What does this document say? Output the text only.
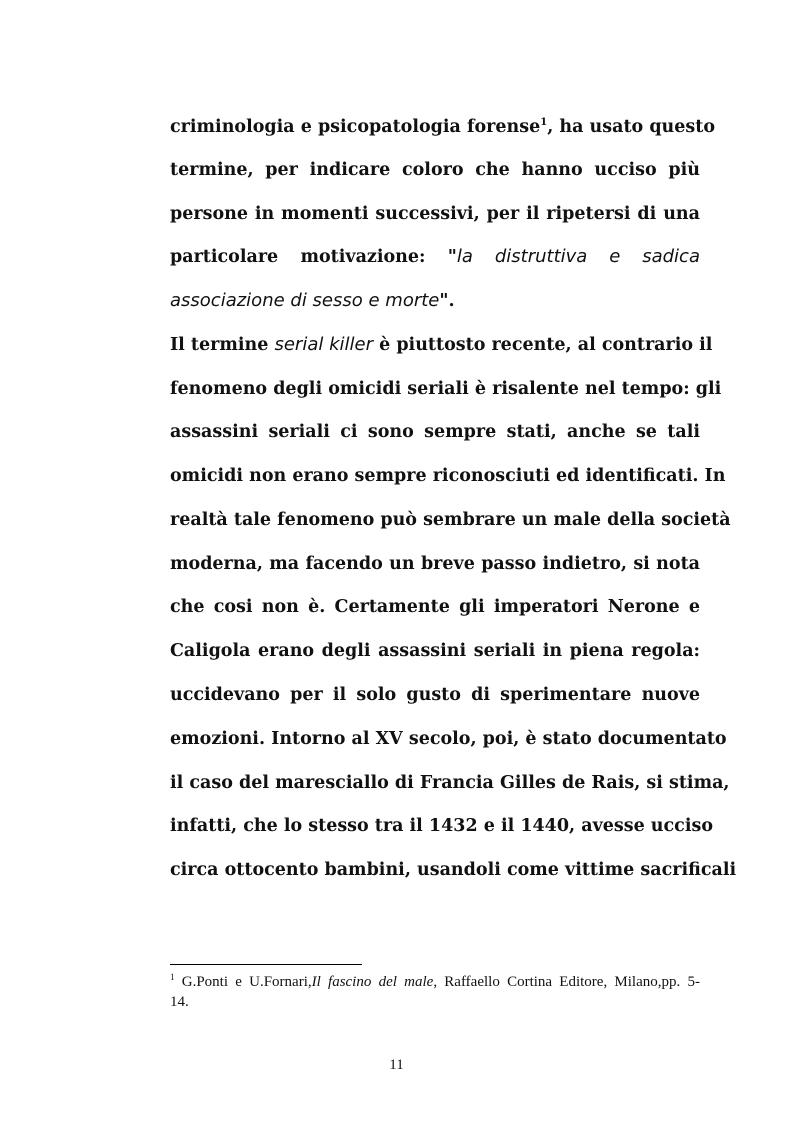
criminologia e psicopatologia forense$^1$, ha usato questo
termine, per indicare coloro che hanno ucciso più
persone in momenti successivi, per il ripetersi di una
particolare motivazione: "la distruttiva e sadica
associazione di sesso e morte".
Il termine serial killer è piuttosto recente, al contrario il
fenomeno degli omicidi seriali è risalente nel tempo: gli
assassini seriali ci sono sempre stati, anche se tali
omicidi non erano sempre riconosciuti ed identificati. In
realtà tale fenomeno può sembrare un male della società
moderna, ma facendo un breve passo indietro, si nota
che cosi non è. Certamente gli imperatori Nerone e
Caligola erano degli assassini seriali in piena regola:
uccidevano per il solo gusto di sperimentare nuove
emozioni. Intorno al XV secolo, poi, è stato documentato
il caso del maresciallo di Francia Gilles de Rais, si stima,
infatti, che lo stesso tra il 1432 e il 1440, avesse ucciso
circa ottocento bambini, usandoli come vittime sacrificali
$^1$ G.Ponti e U.Fornari,Il fascino del male, Raffaello Cortina Editore, Milano,pp. 5-
14.
11
